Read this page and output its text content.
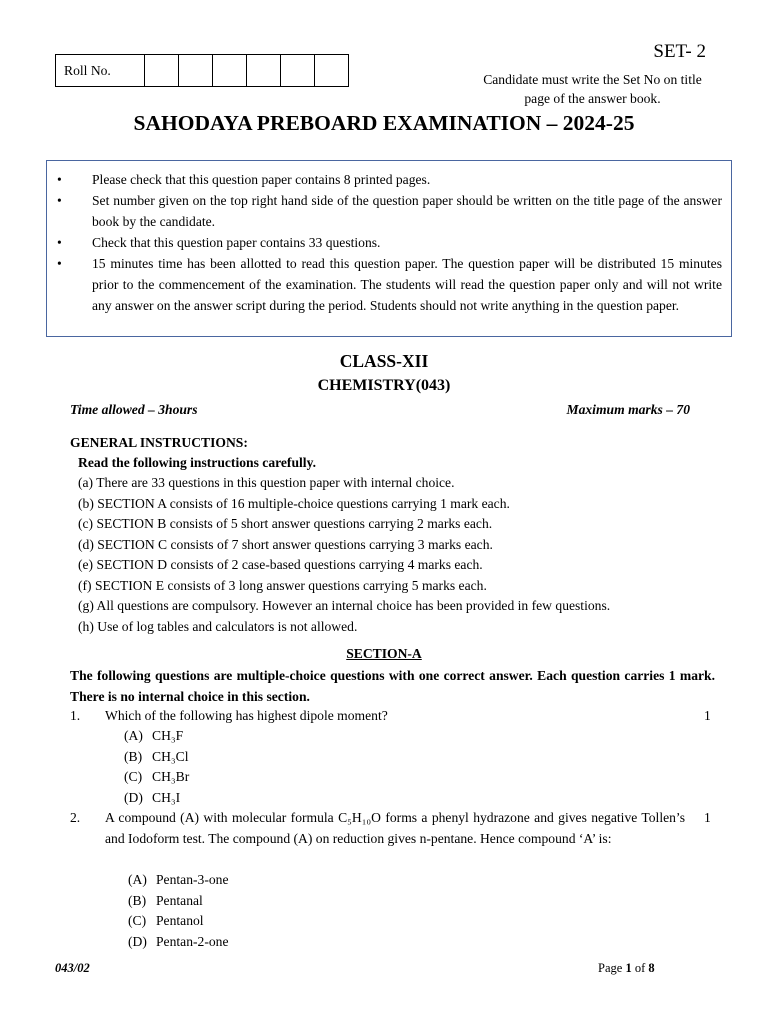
Roll No.
SET- 2
Candidate must write the Set No on title page of the answer book.
SAHODAYA PREBOARD EXAMINATION – 2024-25
• Please check that this question paper contains 8 printed pages.
• Set number given on the top right hand side of the question paper should be written on the title page of the answer book by the candidate.
• Check that this question paper contains 33 questions.
• 15 minutes time has been allotted to read this question paper. The question paper will be distributed 15 minutes prior to the commencement of the examination. The students will read the question paper only and will not write any answer on the answer script during the period. Students should not write anything in the question paper.
CLASS-XII
CHEMISTRY(043)
Time allowed – 3hours	Maximum marks – 70
GENERAL INSTRUCTIONS:
Read the following instructions carefully.
(a) There are 33 questions in this question paper with internal choice.
(b) SECTION A consists of 16 multiple-choice questions carrying 1 mark each.
(c) SECTION B consists of 5 short answer questions carrying 2 marks each.
(d) SECTION C consists of 7 short answer questions carrying 3 marks each.
(e) SECTION D consists of 2 case-based questions carrying 4 marks each.
(f) SECTION E consists of 3 long answer questions carrying 5 marks each.
(g) All questions are compulsory. However an internal choice has been provided in few questions.
(h) Use of log tables and calculators is not allowed.
SECTION-A
The following questions are multiple-choice questions with one correct answer. Each question carries 1 mark. There is no internal choice in this section.
1. Which of the following has highest dipole moment?	1
(A) CH₃F
(B) CH₃Cl
(C) CH₃Br
(D) CH₃I
2. A compound (A) with molecular formula C₅H₁₀O forms a phenyl hydrazone and gives negative Tollen’s and Iodoform test. The compound (A) on reduction gives n-pentane. Hence compound ‘A’ is:
1
(A) Pentan-3-one
(B) Pentanal
(C) Pentanol
(D) Pentan-2-one
043/02	Page 1 of 8
